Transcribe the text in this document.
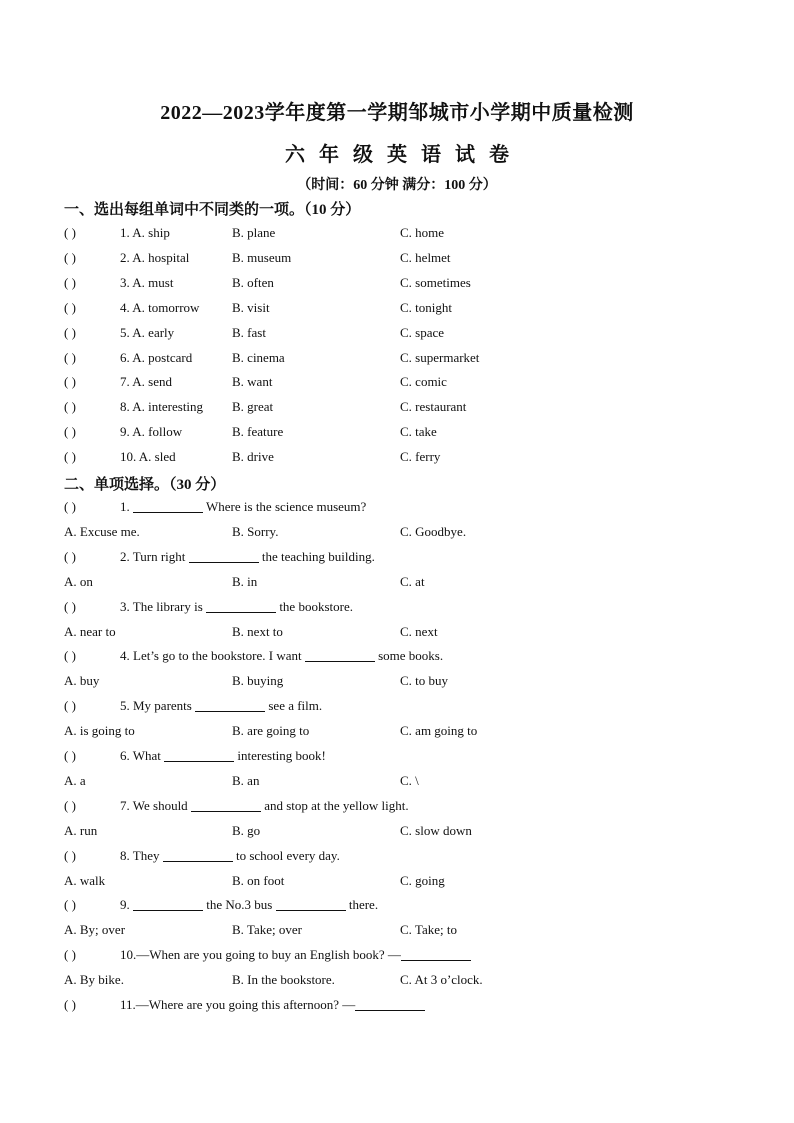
2022—2023学年度第一学期邹城市小学期中质量检测
六年级英语试卷
（时间：60 分钟 满分：100 分）
一、选出每组单词中不同类的一项。（10 分）
( )	1. A. ship	B. plane	C. home
( )	2. A. hospital	B. museum	C. helmet
( )	3. A. must	B. often	C. sometimes
( )	4. A. tomorrow	B. visit	C. tonight
( )	5. A. early	B. fast	C. space
( )	6. A. postcard	B. cinema	C. supermarket
( )	7. A. send	B. want	C. comic
( )	8. A. interesting B. great	C. restaurant
( )	9. A. follow	B. feature	C. take
( )	10. A. sled	B. drive	C. ferry
二、单项选择。（30 分）
( )	1.	Where is the science museum?
A. Excuse me.	B. Sorry.	C. Goodbye.
( )	2. Turn right	the teaching building.
A. on	B. in	C. at
( )	3. The library is	the bookstore.
A. near to	B. next to	C. next
( )	4. Let’s go to the bookstore. I want	some books.
A. buy	B. buying	C. to buy
( )	5. My parents	see a film.
A. is going to	B. are going to	C. am going to
( )	6. What	interesting book!
A. a	B. an	C. \
( )	7. We should	and stop at the yellow light.
A. run	B. go	C. slow down
( )	8. They	to school every day.
A. walk	B. on foot	C. going
( )	9.	the No.3 bus	there.
A. By; over	B. Take; over	C. Take; to
( )	10.—When are you going to buy an English book? —
A. By bike.	B. In the bookstore.	C. At 3 o’clock.
( )	11.—Where are you going this afternoon? —
